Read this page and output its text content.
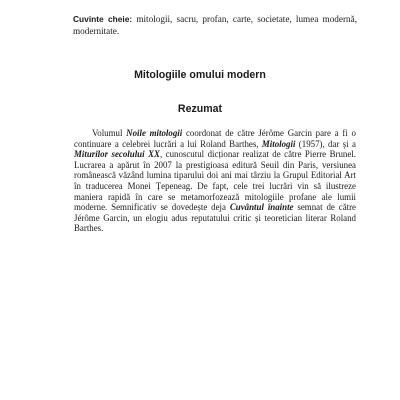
Cuvinte cheie: mitologii, sacru, profan, carte, societate, lumea modernă, modernitate.

Mitologiile omului modern
Rezumat

Volumul Noile mitologii coordonat de către Jérôme Garcin pare a fi o continuare a celebrei lucrări a lui Roland Barthes, Mitologii (1957), dar și a Miturilor secolului XX, cunoscutul dicționar realizat de către Pierre Brunel. Lucrarea a apărut în 2007 la prestigioasa editură Seuil din Paris, versiunea românească văzând lumina tiparului doi ani mai târziu la Grupul Editorial Art în traducerea Monei Țepeneag. De fapt, cele trei lucrări vin să ilustreze maniera rapidă în care se metamorfozează mitologiile profane ale lumii moderne. Semnificativ se dovedește deja Cuvântul înainte semnat de către Jérôme Garcin, un elogiu adus reputatului critic și teoretician literar Roland Barthes.
